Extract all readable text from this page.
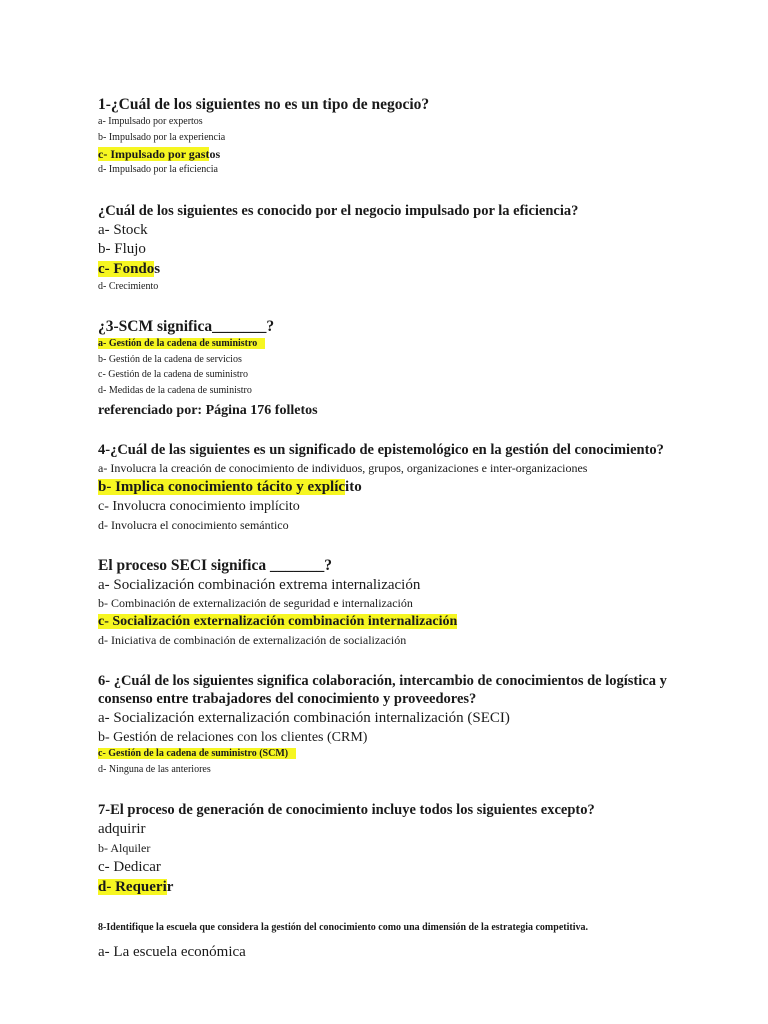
1-¿Cuál de los siguientes no es un tipo de negocio?
a- Impulsado por expertos
b- Impulsado por la experiencia
c- Impulsado por gastos
d- Impulsado por la eficiencia
¿Cuál de los siguientes es conocido por el negocio impulsado por la eficiencia?
a- Stock
b- Flujo
c- Fondos
d- Crecimiento
¿3-SCM significa_______?
a- Gestión de la cadena de suministro
b- Gestión de la cadena de servicios
c- Gestión de la cadena de suministro
d- Medidas de la cadena de suministro
referenciado por: Página 176 folletos
4-¿Cuál de las siguientes es un significado de epistemológico en la gestión del conocimiento?
a- Involucra la creación de conocimiento de individuos, grupos, organizaciones e inter-organizaciones
b- Implica conocimiento tácito y explícito
c- Involucra conocimiento implícito
d- Involucra el conocimiento semántico
El proceso SECI significa _______?
a- Socialización combinación extrema internalización
b- Combinación de externalización de seguridad e internalización
c- Socialización externalización combinación internalización
d- Iniciativa de combinación de externalización de socialización
6- ¿Cuál de los siguientes significa colaboración, intercambio de conocimientos de logística y
consenso entre trabajadores del conocimiento y proveedores?
a- Socialización externalización combinación internalización (SECI)
b- Gestión de relaciones con los clientes (CRM)
c- Gestión de la cadena de suministro (SCM)
d- Ninguna de las anteriores
7-El proceso de generación de conocimiento incluye todos los siguientes excepto?
adquirir
b- Alquiler
c- Dedicar
d- Requerir
8-Identifique la escuela que considera la gestión del conocimiento como una dimensión de la estrategia competitiva.
a- La escuela económica
